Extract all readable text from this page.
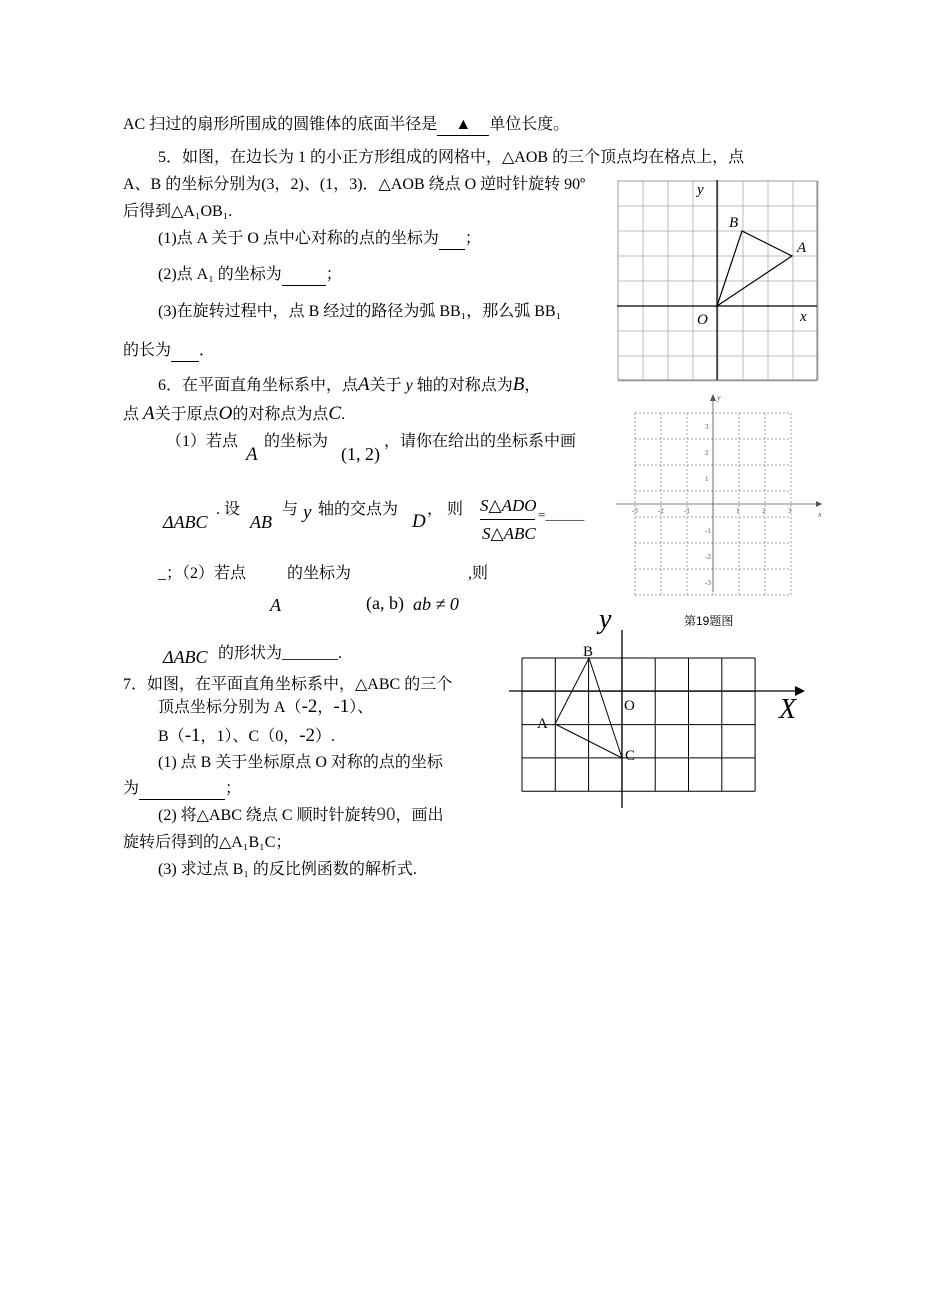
AC 扫过的扇形所围成的圆锥体的底面半径是 ▲ 单位长度。
5．如图，在边长为 1 的小正方形组成的网格中，△AOB 的三个顶点均在格点上，点
A、B 的坐标分别为(3，2)、(1，3)．△AOB 绕点 O 逆时针旋转 90º
后得到△A₁OB₁.
(1)点 A 关于 O 点中心对称的点的坐标为 ；
(2)点 A₁ 的坐标为	；
(3)在旋转过程中，点 B 经过的路径为弧 BB₁，那么弧 BB₁
的长为 ．
y
B
A
O	x
6．在平面直角坐标系中，点A关于 y 轴的对称点为B，
点 A关于原点O的对称点为点C.
（1）若点
A
的坐标为
(1, 2)
，请你在给出的坐标系中画
ΔABC
. 设
AB
与 y 轴的交点为
D
， 则 S△ADO
S△ABC
=______
_；（2）若点	的坐标为	,则
A	(a, b) ab ≠ 0
ΔABC 的形状为_______.
y
x
-3	-2	-1	1	2	3
3
2
1
-1
-2
-3
第19题图
7．如图，在平面直角坐标系中，△ABC 的三个
顶点坐标分别为 A（-2，-1）、
B（-1，1）、C（0，-2）.
(1) 点 B 关于坐标原点 O 对称的点的坐标
为	；
(2) 将△ABC 绕点 C 顺时针旋转90，画出
旋转后得到的△A₁B₁C；
(3) 求过点 B₁ 的反比例函数的解析式.
y
X
B
O
A
C
